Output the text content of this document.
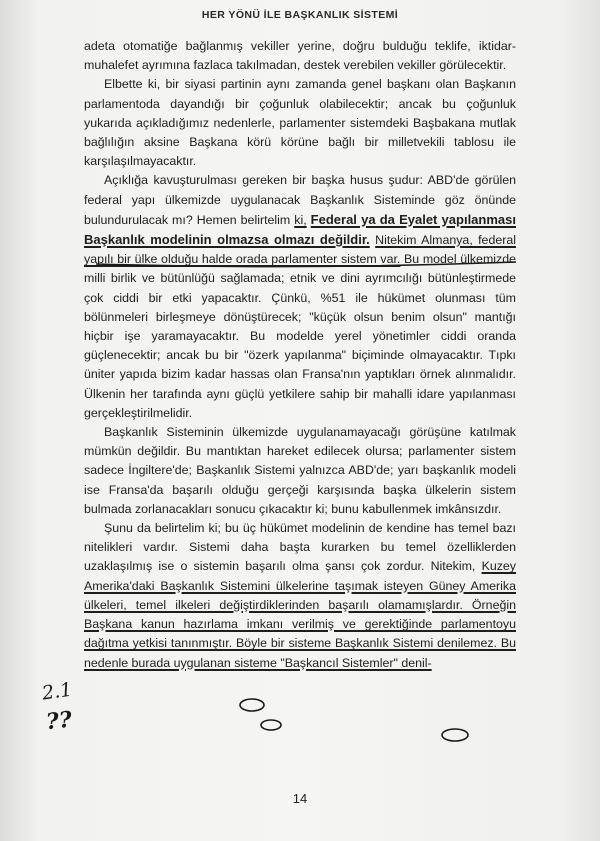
HER YÖNÜ İLE BAŞKANLIK SİSTEMİ

adeta otomatiğe bağlanmış vekiller yerine, doğru bulduğu teklife, iktidar-muhalefet ayrımına fazlaca takılmadan, destek verebilen vekiller görülecektir.

Elbette ki, bir siyasi partinin aynı zamanda genel başkanı olan Başkanın parlamentoda dayandığı bir çoğunluk olabilecektir; ancak bu çoğunluk yukarıda açıkladığımız nedenlerle, parlamenter sistemdeki Başbakana mutlak bağlılığın aksine Başkana körü körüne bağlı bir milletvekili tablosu ile karşılaşılmayacaktır.

Açıklığa kavuşturulması gereken bir başka husus şudur: ABD'de görülen federal yapı ülkemizde uygulanacak Başkanlık Sisteminde göz önünde bulundurulacak mı? Hemen belirtelim ki, Federal ya da Eyalet yapılanması Başkanlık modelinin olmazsa olmazı değildir. Nitekim Almanya, federal yapılı bir ülke olduğu halde orada parlamenter sistem var. Bu model ülkemizde milli birlik ve bütünlüğü sağlamada; etnik ve dini ayrımcılığı bütünleştirmede çok ciddi bir etki yapacaktır. Çünkü, %51 ile hükümet olunması tüm bölünmeleri birleşmeye dönüştürecek; "küçük olsun benim olsun" mantığı hiçbir işe yaramayacaktır. Bu modelde yerel yönetimler ciddi oranda güçlenecektir; ancak bu bir "özerk yapılanma" biçiminde olmayacaktır. Tıpkı üniter yapıda bizim kadar hassas olan Fransa'nın yaptıkları örnek alınmalıdır. Ülkenin her tarafında aynı güçlü yetkilere sahip bir mahalli idare yapılanması gerçekleştirilmelidir.

Başkanlık Sisteminin ülkemizde uygulanamayacağı görüşüne katılmak mümkün değildir. Bu mantıktan hareket edilecek olursa; parlamenter sistem sadece İngiltere'de; Başkanlık Sistemi yalnızca ABD'de; yarı başkanlık modeli ise Fransa'da başarılı olduğu gerçeği karşısında başka ülkelerin sistem bulmada zorlanacakları sonucu çıkacaktır ki; bunu kabullenmek imkânsızdır.

Şunu da belirtelim ki; bu üç hükümet modelinin de kendine has temel bazı nitelikleri vardır. Sistemi daha başta kurarken bu temel özelliklerden uzaklaşılmış ise o sistemin başarılı olma şansı çok zordur. Nitekim, Kuzey Amerika'daki Başkanlık Sistemini ülkelerine taşımak isteyen Güney Amerika ülkeleri, temel ilkeleri değiştirdiklerinden başarılı olamamışlardır. Örneğin Başkana kanun hazırlama imkanı verilmiş ve gerektiğinde parlamentoyu dağıtma yetkisi tanınmıştır. Böyle bir sisteme Başkanlık Sistemi denilemez. Bu nedenle burada uygulanan sisteme "Başkancıl Sistemler" denil-

2.1
??
14
